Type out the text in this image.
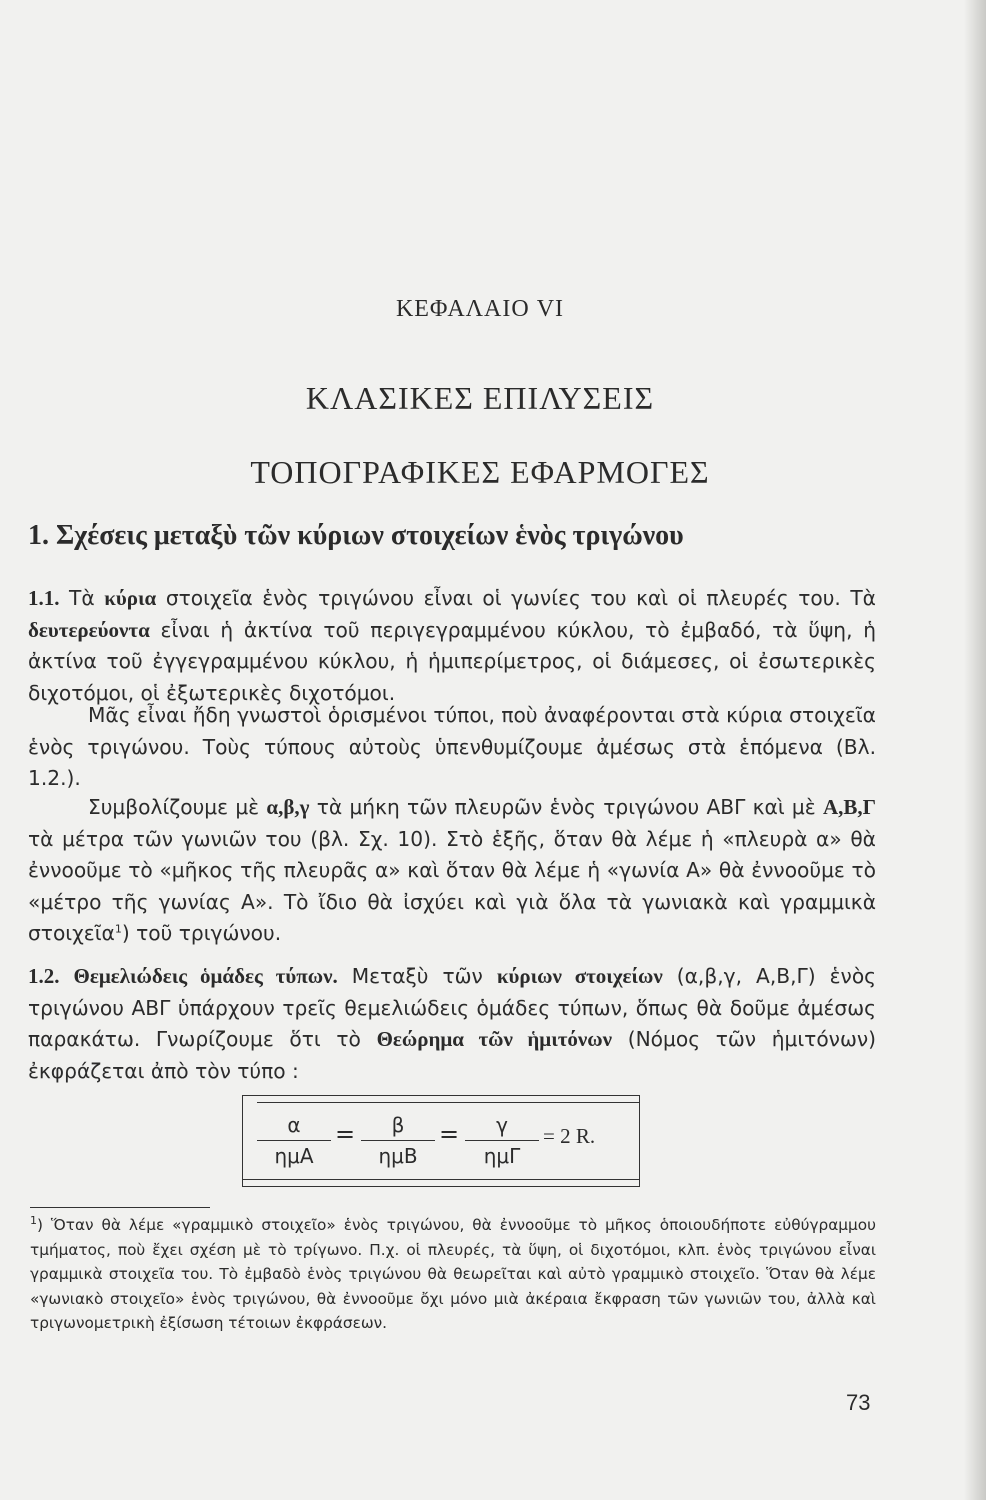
ΚΕΦΑΛΑΙΟ VI
ΚΛΑΣΙΚΕΣ ΕΠΙΛΥΣΕΙΣ
ΤΟΠΟΓΡΑΦΙΚΕΣ ΕΦΑΡΜΟΓΕΣ
1. Σχέσεις μεταξὺ τῶν κύριων στοιχείων ἑνὸς τριγώνου

1.1. Τὰ κύρια στοιχεῖα ἑνὸς τριγώνου εἶναι οἱ γωνίες του καὶ οἱ πλευρές του. Τὰ δευτερεύοντα εἶναι ἡ ἀκτίνα τοῦ περιγεγραμμένου κύκλου, τὸ ἐμβαδό, τὰ ὕψη, ἡ ἀκτίνα τοῦ ἐγγεγραμμένου κύκλου, ἡ ἡμιπερίμετρος, οἱ διάμεσες, οἱ ἐσωτερικὲς διχοτόμοι, οἱ ἐξωτερικὲς διχοτόμοι.

Μᾶς εἶναι ἤδη γνωστοὶ ὁρισμένοι τύποι, ποὺ ἀναφέρονται στὰ κύρια στοιχεῖα ἑνὸς τριγώνου. Τοὺς τύπους αὐτοὺς ὑπενθυμίζουμε ἀμέσως στὰ ἑπόμενα (Βλ. 1.2.).

Συμβολίζουμε μὲ α,β,γ τὰ μήκη τῶν πλευρῶν ἑνὸς τριγώνου ΑΒΓ καὶ μὲ Α,Β,Γ τὰ μέτρα τῶν γωνιῶν του (βλ. Σχ. 10). Στὸ ἑξῆς, ὅταν θὰ λέμε ἡ «πλευρὰ α» θὰ ἐννοοῦμε τὸ «μῆκος τῆς πλευρᾶς α» καὶ ὅταν θὰ λέμε ἡ «γωνία Α» θὰ ἐννοοῦμε τὸ «μέτρο τῆς γωνίας Α». Τὸ ἴδιο θὰ ἰσχύει καὶ γιὰ ὅλα τὰ γωνιακὰ καὶ γραμμικὰ στοιχεῖα$^1$) τοῦ τριγώνου.

1.2. Θεμελιώδεις ὁμάδες τύπων. Μεταξὺ τῶν κύριων στοιχείων (α,β,γ, Α,Β,Γ) ἑνὸς τριγώνου ΑΒΓ ὑπάρχουν τρεῖς θεμελιώδεις ὁμάδες τύπων, ὅπως θὰ δοῦμε ἀμέσως παρακάτω. Γνωρίζουμε ὅτι τὸ Θεώρημα τῶν ἡμιτόνων (Νόμος τῶν ἡμιτόνων) ἐκφράζεται ἀπὸ τὸν τύπο :

α
ημΑ
=	β
ημΒ
=	γ
ημΓ
= 2 R.

$^1$) Ὅταν θὰ λέμε «γραμμικὸ στοιχεῖο» ἑνὸς τριγώνου, θὰ ἐννοοῦμε τὸ μῆκος ὁποιουδήποτε εὐθύγραμμου τμήματος, ποὺ ἔχει σχέση μὲ τὸ τρίγωνο. Π.χ. οἱ πλευρές, τὰ ὕψη, οἱ διχοτόμοι, κλπ. ἑνὸς τριγώνου εἶναι γραμμικὰ στοιχεῖα του. Τὸ ἐμβαδὸ ἑνὸς τριγώνου θὰ θεωρεῖται καὶ αὐτὸ γραμμικὸ στοιχεῖο. Ὅταν θὰ λέμε «γωνιακὸ στοιχεῖο» ἑνὸς τριγώνου, θὰ ἐννοοῦμε ὄχι μόνο μιὰ ἀκέραια ἔκφραση τῶν γωνιῶν του, ἀλλὰ καὶ τριγωνομετρικὴ ἐξίσωση τέτοιων ἐκφράσεων.

73
